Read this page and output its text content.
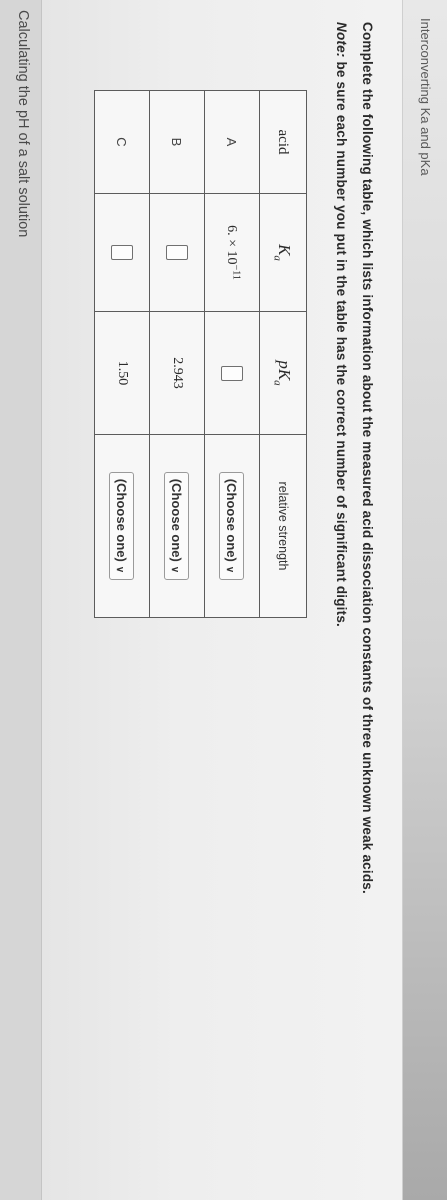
Interconverting Ka and pKa
Complete the following table, which lists information about the measured acid dissociation constants of three unknown weak acids.
Note: be sure each number you put in the table has the correct number of significant digits.
acid	$K_a$	$pK_a$	relative strength
A	6. × $10^{-11}$		(Choose one)∨
B		2.943	(Choose one)∨
C		1.50	(Choose one)∨
Calculating the pH of a salt solution
